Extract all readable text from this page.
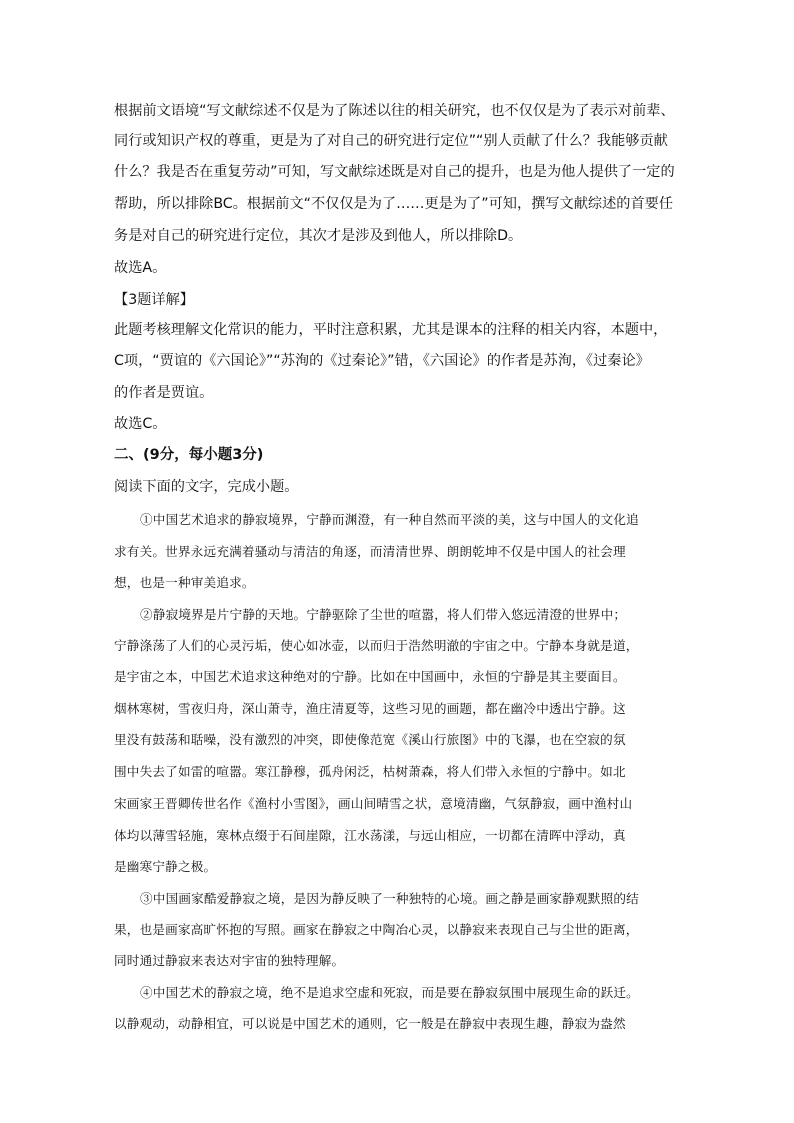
根据前文语境“写文献综述不仅是为了陈述以往的相关研究，也不仅仅是为了表示对前辈、
同行或知识产权的尊重，更是为了对自己的研究进行定位”“别人贡献了什么？我能够贡献
什么？我是否在重复劳动”可知，写文献综述既是对自己的提升，也是为他人提供了一定的
帮助，所以排除BC。根据前文“不仅仅是为了……更是为了”可知，撰写文献综述的首要任
务是对自己的研究进行定位，其次才是涉及到他人，所以排除D。
故选A。
【3题详解】
此题考核理解文化常识的能力，平时注意积累，尤其是课本的注释的相关内容，本题中，
C项，“贾谊的《六国论》”“苏洵的《过秦论》”错，《六国论》的作者是苏洵，《过秦论》
的作者是贾谊。
故选C。
二、(9分，每小题3分)
阅读下面的文字，完成小题。
①中国艺术追求的静寂境界，宁静而渊澄，有一种自然而平淡的美，这与中国人的文化追
求有关。世界永远充满着骚动与清洁的角逐，而清清世界、朗朗乾坤不仅是中国人的社会理
想，也是一种审美追求。
②静寂境界是片宁静的天地。宁静驱除了尘世的喧嚣，将人们带入悠远清澄的世界中；
宁静涤荡了人们的心灵污垢，使心如冰壶，以而归于浩然明澈的宇宙之中。宁静本身就是道，
是宇宙之本，中国艺术追求这种绝对的宁静。比如在中国画中，永恒的宁静是其主要面目。
烟林寒树，雪夜归舟，深山萧寺，渔庄清夏等，这些习见的画题，都在幽冷中透出宁静。这
里没有鼓荡和聒噪，没有激烈的冲突，即使像范宽《溪山行旅图》中的飞瀑，也在空寂的氛
围中失去了如雷的喧嚣。寒江静穆，孤舟闲泛，枯树萧森，将人们带入永恒的宁静中。如北
宋画家王晋卿传世名作《渔村小雪图》，画山间晴雪之状，意境清幽，气氛静寂，画中渔村山
体均以薄雪轻施，寒林点缀于石间崖隙，江水荡漾，与远山相应，一切都在清晖中浮动，真
是幽寒宁静之极。
③中国画家酷爱静寂之境，是因为静反映了一种独特的心境。画之静是画家静观默照的结
果，也是画家高旷怀抱的写照。画家在静寂之中陶冶心灵，以静寂来表现自己与尘世的距离，
同时通过静寂来表达对宇宙的独特理解。
④中国艺术的静寂之境，绝不是追求空虚和死寂，而是要在静寂氛围中展现生命的跃迁。
以静观动，动静相宜，可以说是中国艺术的通则，它一般是在静寂中表现生趣，静寂为盎然
